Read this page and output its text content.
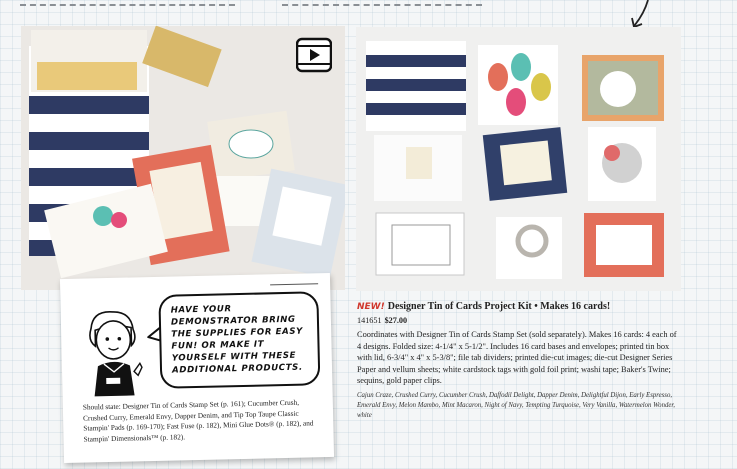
HAVE YOUR DEMONSTRATOR BRING THE SUPPLIES FOR EASY FUN! OR MAKE IT YOURSELF WITH THESE ADDITIONAL PRODUCTS.
Should state: Designer Tin of Cards Stamp Set (p. 161); Cucumber Crush, Crushed Curry, Emerald Envy, Dapper Denim, and Tip Top Taupe Classic Stampin' Pads (p. 169-170); Fast Fuse (p. 182), Mini Glue Dots® (p. 182), and Stampin' Dimensionals™ (p. 182).
NEW! Designer Tin of Cards Project Kit • Makes 16 cards!
141651 $27.00
Coordinates with Designer Tin of Cards Stamp Set (sold separately). Makes 16 cards: 4 each of 4 designs. Folded size: 4-1/4" x 5-1/2". Includes 16 card bases and envelopes; printed tin box with lid, 6-3/4" x 4" x 5-3/8"; file tab dividers; printed die-cut images; die-cut Designer Series Paper and vellum sheets; white cardstock tags with gold foil print; washi tape; Baker's Twine; sequins, gold paper clips.
Cajun Craze, Crushed Curry, Cucumber Crush, Daffodil Delight, Dapper Denim, Delightful Dijon, Early Espresso, Emerald Envy, Melon Mambo, Mint Macaron, Night of Navy, Tempting Turquoise, Very Vanilla, Watermelon Wonder, white
